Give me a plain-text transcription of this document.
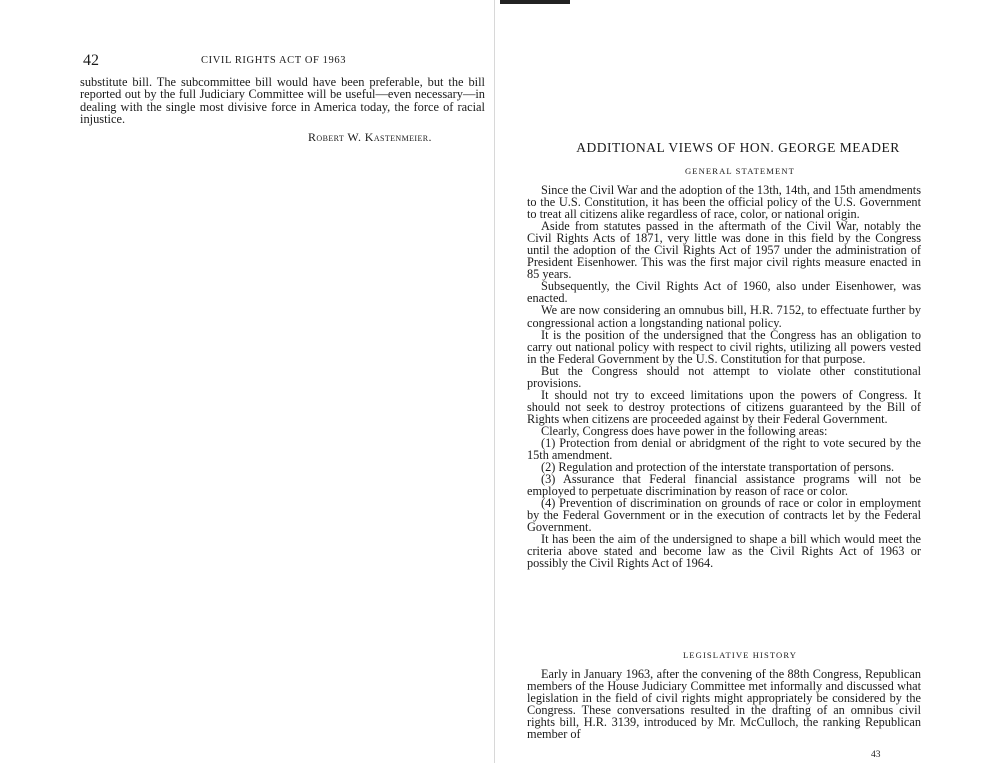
42	CIVIL RIGHTS ACT OF 1963

substitute bill. The subcommittee bill would have been preferable, but the bill reported out by the full Judiciary Committee will be useful—even necessary—in dealing with the single most divisive force in America today, the force of racial injustice.

Robert W. Kastenmeier.
ADDITIONAL VIEWS OF HON. GEORGE MEADER
GENERAL STATEMENT

Since the Civil War and the adoption of the 13th, 14th, and 15th amendments to the U.S. Constitution, it has been the official policy of the U.S. Government to treat all citizens alike regardless of race, color, or national origin.

Aside from statutes passed in the aftermath of the Civil War, notably the Civil Rights Acts of 1871, very little was done in this field by the Congress until the adoption of the Civil Rights Act of 1957 under the administration of President Eisenhower. This was the first major civil rights measure enacted in 85 years.

Subsequently, the Civil Rights Act of 1960, also under Eisenhower, was enacted.

We are now considering an omnubus bill, H.R. 7152, to effectuate further by congressional action a longstanding national policy.

It is the position of the undersigned that the Congress has an obligation to carry out national policy with respect to civil rights, utilizing all powers vested in the Federal Government by the U.S. Constitution for that purpose.

But the Congress should not attempt to violate other constitutional provisions.

It should not try to exceed limitations upon the powers of Congress. It should not seek to destroy protections of citizens guaranteed by the Bill of Rights when citizens are proceeded against by their Federal Government.

Clearly, Congress does have power in the following areas:

(1) Protection from denial or abridgment of the right to vote secured by the 15th amendment.

(2) Regulation and protection of the interstate transportation of persons.

(3) Assurance that Federal financial assistance programs will not be employed to perpetuate discrimination by reason of race or color.

(4) Prevention of discrimination on grounds of race or color in employment by the Federal Government or in the execution of contracts let by the Federal Government.

It has been the aim of the undersigned to shape a bill which would meet the criteria above stated and become law as the Civil Rights Act of 1963 or possibly the Civil Rights Act of 1964.

LEGISLATIVE HISTORY

Early in January 1963, after the convening of the 88th Congress, Republican members of the House Judiciary Committee met informally and discussed what legislation in the field of civil rights might appropriately be considered by the Congress. These conversations resulted in the drafting of an omnibus civil rights bill, H.R. 3139, introduced by Mr. McCulloch, the ranking Republican member of

43
